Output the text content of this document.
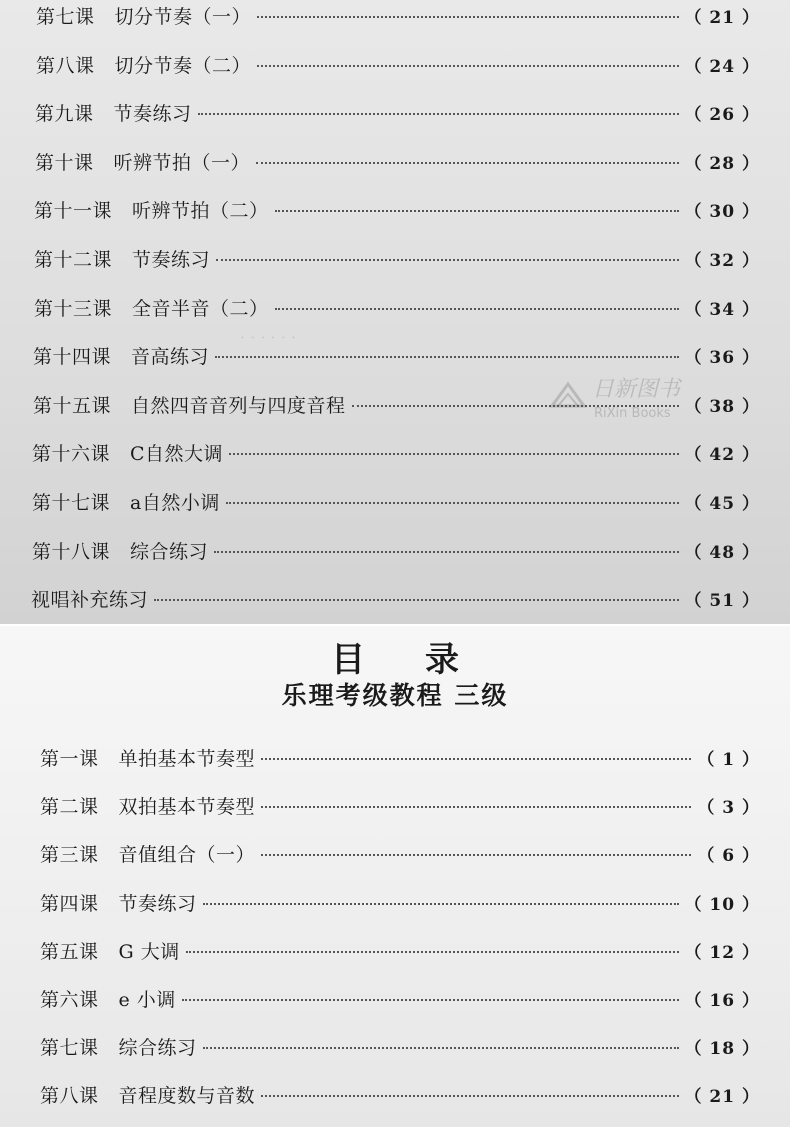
日新图书
RiXin Books
· · · · · ·
第七课 切分节奏（一）	（ 21 ）
第八课 切分节奏（二）	（ 24 ）
第九课 节奏练习	（ 26 ）
第十课 听辨节拍（一）	（ 28 ）
第十一课 听辨节拍（二）	（ 30 ）
第十二课 节奏练习	（ 32 ）
第十三课 全音半音（二）	（ 34 ）
第十四课 音高练习	（ 36 ）
第十五课 自然四音音列与四度音程	（ 38 ）
第十六课 C自然大调	（ 42 ）
第十七课 a自然小调	（ 45 ）
第十八课 综合练习	（ 48 ）
视唱补充练习	（ 51 ）
第一课 单拍基本节奏型	（ 1 ）
第二课 双拍基本节奏型	（ 3 ）
第三课 音值组合（一）	（ 6 ）
第四课 节奏练习	（ 10 ）
第五课 G 大调	（ 12 ）
第六课 e 小调	（ 16 ）
第七课 综合练习	（ 18 ）
第八课 音程度数与音数	（ 21 ）
目录
乐理考级教程 三级
